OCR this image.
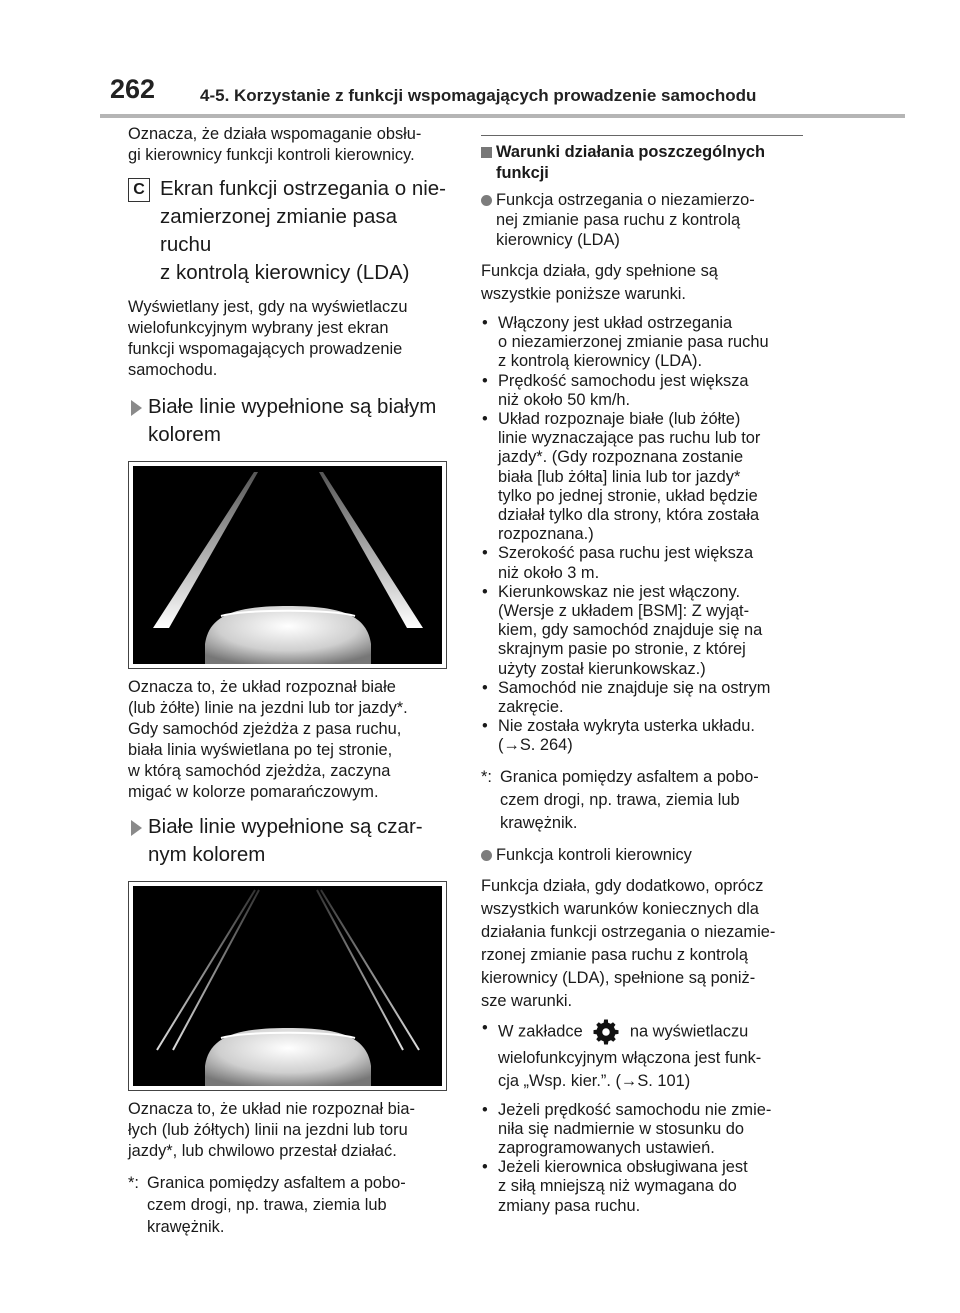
262	4-5. Korzystanie z funkcji wspomagających prowadzenie samochodu

Oznacza, że działa wspomaganie obsłu-
gi kierownicy funkcji kontroli kierownicy.

C Ekran funkcji ostrzegania o nie-
zamierzonej zmianie pasa ruchu
z kontrolą kierownicy (LDA)

Wyświetlany jest, gdy na wyświetlaczu
wielofunkcyjnym wybrany jest ekran
funkcji wspomagających prowadzenie
samochodu.

Białe linie wypełnione są białym
kolorem

Oznacza to, że układ rozpoznał białe
(lub żółte) linie na jezdni lub tor jazdy*.
Gdy samochód zjeżdża z pasa ruchu,
biała linia wyświetlana po tej stronie,
w którą samochód zjeżdża, zaczyna
migać w kolorze pomarańczowym.

Białe linie wypełnione są czar-
nym kolorem

Oznacza to, że układ nie rozpoznał bia-
łych (lub żółtych) linii na jezdni lub toru
jazdy*, lub chwilowo przestał działać.

*: Granica pomiędzy asfaltem a pobo-
czem drogi, np. trawa, ziemia lub
krawężnik.
Warunki działania poszczególnych
funkcji
Funkcja ostrzegania o niezamierzo-
nej zmianie pasa ruchu z kontrolą
kierownicy (LDA)

Funkcja działa, gdy spełnione są
wszystkie poniższe warunki.

• Włączony jest układ ostrzegania
o niezamierzonej zmianie pasa ruchu
z kontrolą kierownicy (LDA).
• Prędkość samochodu jest większa
niż około 50 km/h.
• Układ rozpoznaje białe (lub żółte)
linie wyznaczające pas ruchu lub tor
jazdy*. (Gdy rozpoznana zostanie
biała [lub żółta] linia lub tor jazdy*
tylko po jednej stronie, układ będzie
działał tylko dla strony, która została
rozpoznana.)
• Szerokość pasa ruchu jest większa
niż około 3 m.
• Kierunkowskaz nie jest włączony.
(Wersje z układem [BSM]: Z wyjąt-
kiem, gdy samochód znajduje się na
skrajnym pasie po stronie, z której
użyty został kierunkowskaz.)
• Samochód nie znajduje się na ostrym
zakręcie.
• Nie została wykryta usterka układu.
(→S. 264)
*: Granica pomiędzy asfaltem a pobo-
czem drogi, np. trawa, ziemia lub
krawężnik.
Funkcja kontroli kierownicy

Funkcja działa, gdy dodatkowo, oprócz
wszystkich warunków koniecznych dla
działania funkcji ostrzegania o niezamie-
rzonej zmianie pasa ruchu z kontrolą
kierownicy (LDA), spełnione są poniż-
sze warunki.

• W zakładce	na wyświetlaczu
wielofunkcyjnym włączona jest funk-
cja „Wsp. kier.”. (→S. 101)
• Jeżeli prędkość samochodu nie zmie-
niła się nadmiernie w stosunku do
zaprogramowanych ustawień.
• Jeżeli kierownica obsługiwana jest
z siłą mniejszą niż wymagana do
zmiany pasa ruchu.
